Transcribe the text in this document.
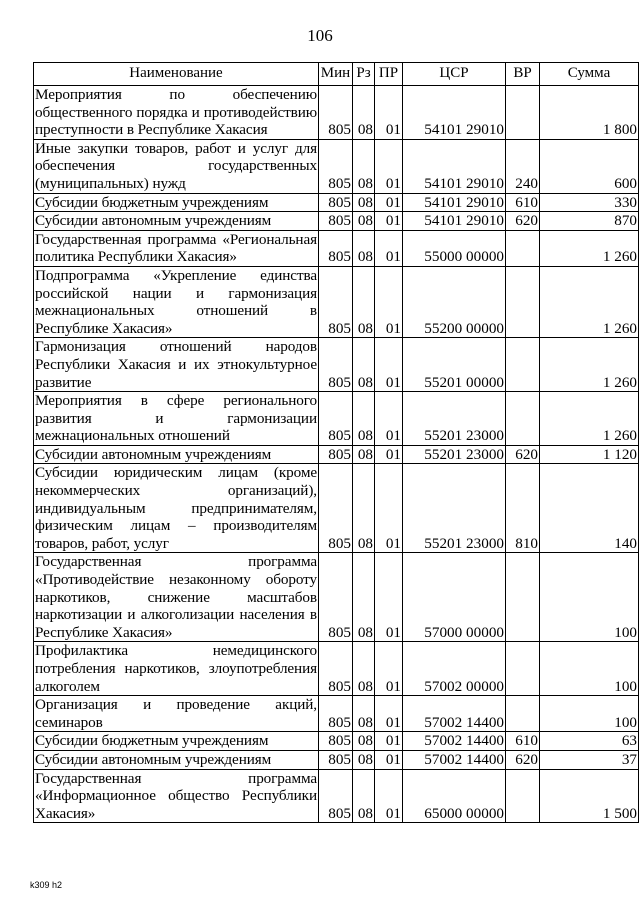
106
Наименование	Мин	Рз	ПР	ЦСР	ВР	Сумма
Мероприятия по обеспечению общественного порядка и противодействию преступности в Республике Хакасия	805	08	01	54101 29010		1 800
Иные закупки товаров, работ и услуг для обеспечения государственных (муниципальных) нужд	805	08	01	54101 29010	240	600
Субсидии бюджетным учреждениям	805	08	01	54101 29010	610	330
Субсидии автономным учреждениям	805	08	01	54101 29010	620	870
Государственная программа «Региональная политика Республики Хакасия»	805	08	01	55000 00000		1 260
Подпрограмма «Укрепление единства российской нации и гармонизация межнациональных отношений в Республике Хакасия»	805	08	01	55200 00000		1 260
Гармонизация отношений народов Республики Хакасия и их этнокультурное развитие	805	08	01	55201 00000		1 260
Мероприятия в сфере регионального развития и гармонизации межнациональных отношений	805	08	01	55201 23000		1 260
Субсидии автономным учреждениям	805	08	01	55201 23000	620	1 120
Субсидии юридическим лицам (кроме некоммерческих организаций), индивидуальным предпринимателям, физическим лицам – производителям товаров, работ, услуг	805	08	01	55201 23000	810	140
Государственная программа «Противодействие незаконному обороту наркотиков, снижение масштабов наркотизации и алкоголизации населения в Республике Хакасия»	805	08	01	57000 00000		100
Профилактика немедицинского потребления наркотиков, злоупотребления алкоголем	805	08	01	57002 00000		100
Организация и проведение акций, семинаров	805	08	01	57002 14400		100
Субсидии бюджетным учреждениям	805	08	01	57002 14400	610	63
Субсидии автономным учреждениям	805	08	01	57002 14400	620	37
Государственная программа «Информационное общество Республики Хакасия»	805	08	01	65000 00000		1 500
k309 h2
